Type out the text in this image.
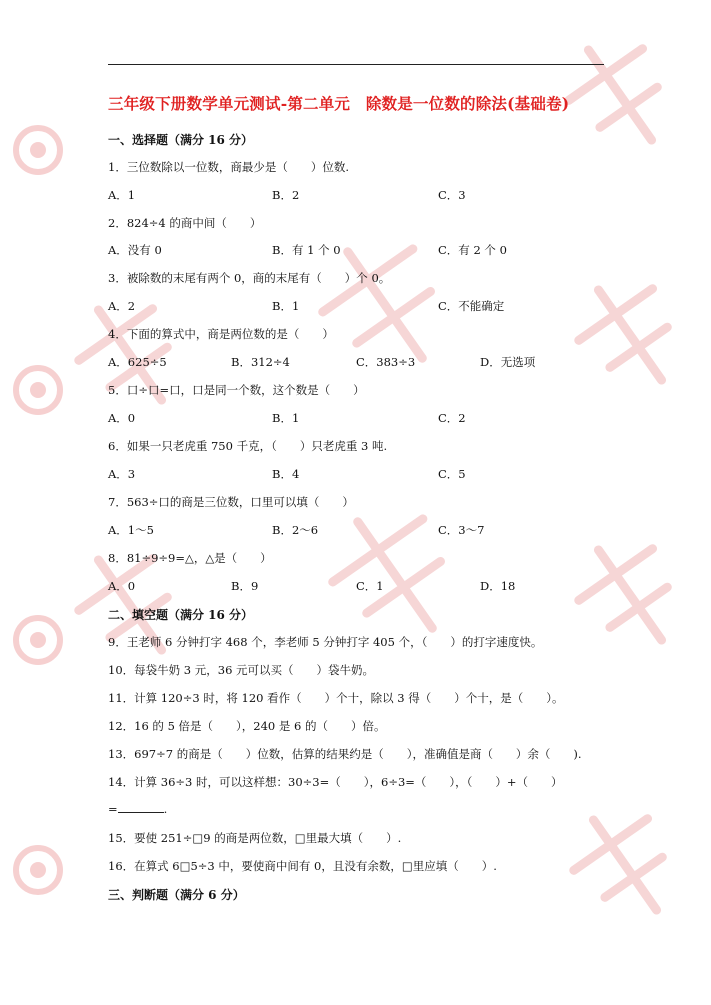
三年级下册数学单元测试-第二单元　除数是一位数的除法(基础卷)
一、选择题（满分 16 分）
1．三位数除以一位数，商最少是（　　）位数.
A．1	B．2	C．3
2．824÷4 的商中间（　　）
A．没有 0	B．有 1 个 0	C．有 2 个 0
3．被除数的末尾有两个 0，商的末尾有（　　）个 0。
A．2	B．1	C．不能确定
4．下面的算式中，商是两位数的是（　　）
A．625÷5	B．312÷4	C．383÷3	D．无选项
5．口÷口=口，口是同一个数，这个数是（　　）
A．0	B．1	C．2
6．如果一只老虎重 750 千克，（　　）只老虎重 3 吨.
A．3	B．4	C．5
7．563÷口的商是三位数，口里可以填（　　）
A．1～5	B．2～6	C．3～7
8．81÷9÷9=△，△是（　　）
A．0	B．9	C．1	D．18
二、填空题（满分 16 分）
9．王老师 6 分钟打字 468 个，李老师 5 分钟打字 405 个，（　　）的打字速度快。
10．每袋牛奶 3 元，36 元可以买（　　）袋牛奶。
11．计算 120÷3 时，将 120 看作（　　）个十，除以 3 得（　　）个十，是（　　）。
12．16 的 5 倍是（　　），240 是 6 的（　　）倍。
13．697÷7 的商是（　　）位数，估算的结果约是（　　），准确值是商（　　）余（　　).
14．计算 36÷3 时，可以这样想：30÷3=（　　），6÷3=（　　），（　　）+（　　）
=	.
15．要使 251÷□9 的商是两位数，□里最大填（　　）.
16．在算式 6□5÷3 中，要使商中间有 0，且没有余数，□里应填（　　）.
三、判断题（满分 6 分）
